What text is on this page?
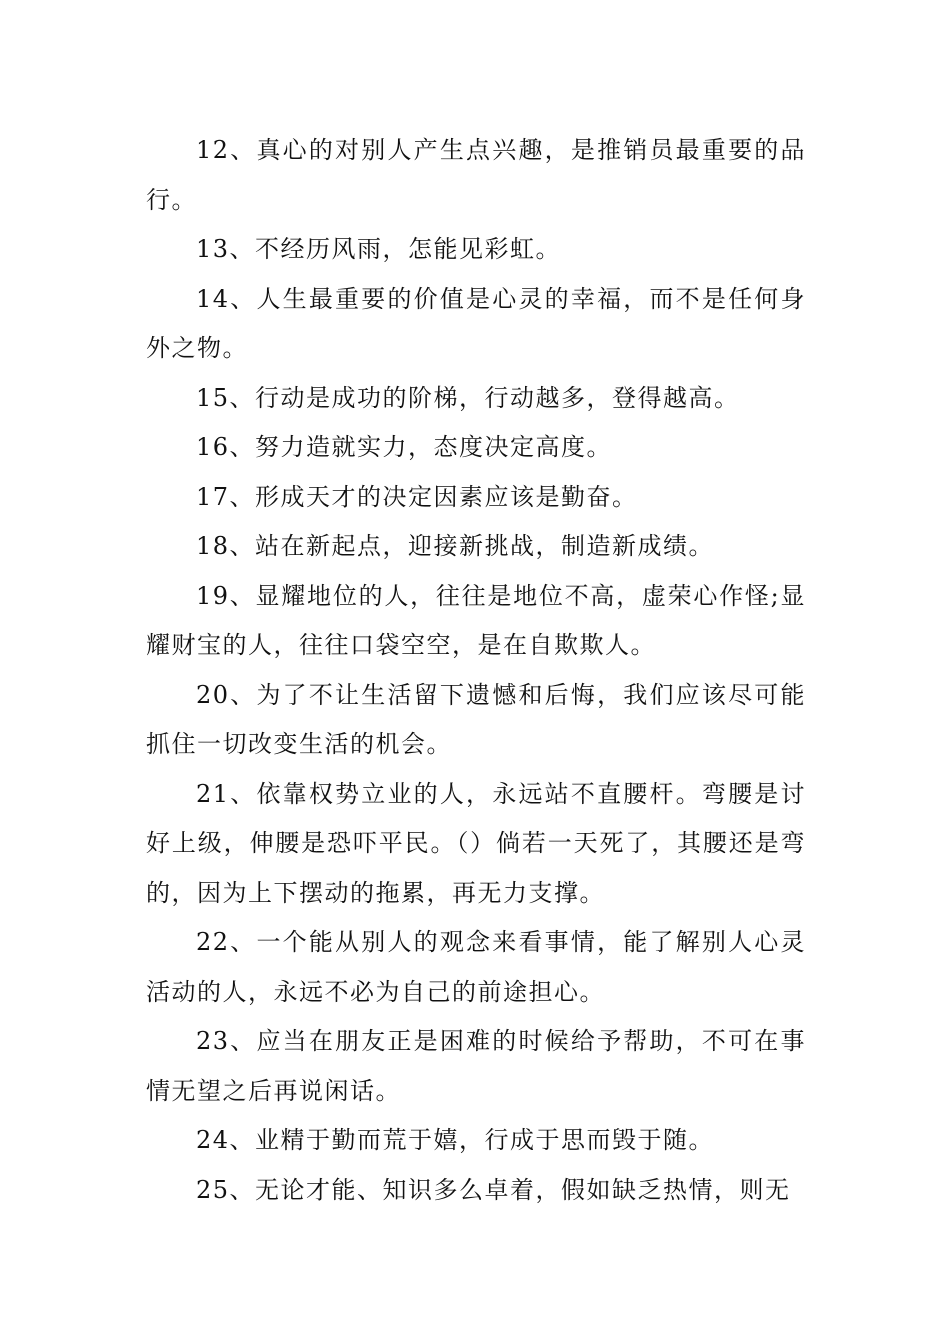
12、真心的对别人产生点兴趣，是推销员最重要的品行。

13、不经历风雨，怎能见彩虹。

14、人生最重要的价值是心灵的幸福，而不是任何身外之物。

15、行动是成功的阶梯，行动越多，登得越高。

16、努力造就实力，态度决定高度。

17、形成天才的决定因素应该是勤奋。

18、站在新起点，迎接新挑战，制造新成绩。

19、显耀地位的人，往往是地位不高，虚荣心作怪;显耀财宝的人，往往口袋空空，是在自欺欺人。

20、为了不让生活留下遗憾和后悔，我们应该尽可能抓住一切改变生活的机会。

21、依靠权势立业的人，永远站不直腰杆。弯腰是讨好上级，伸腰是恐吓平民。（）倘若一天死了，其腰还是弯的，因为上下摆动的拖累，再无力支撑。

22、一个能从别人的观念来看事情，能了解别人心灵活动的人，永远不必为自己的前途担心。

23、应当在朋友正是困难的时候给予帮助，不可在事情无望之后再说闲话。

24、业精于勤而荒于嬉，行成于思而毁于随。

25、无论才能、知识多么卓着，假如缺乏热情，则无
